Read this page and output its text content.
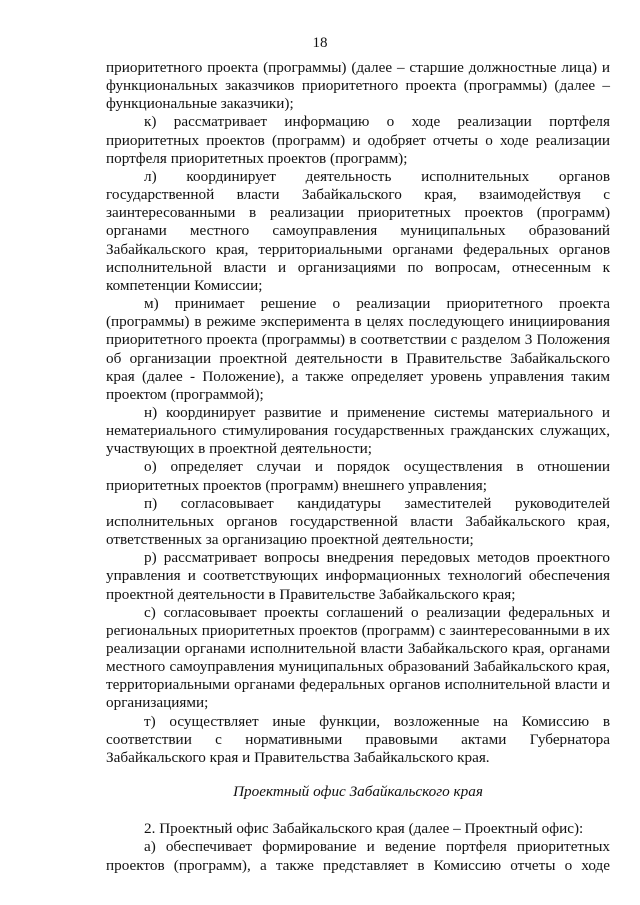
18

приоритетного проекта (программы) (далее – старшие должностные лица) и функциональных заказчиков приоритетного проекта (программы) (далее – функциональные заказчики);

к) рассматривает информацию о ходе реализации портфеля приоритетных проектов (программ) и одобряет отчеты о ходе реализации портфеля приоритетных проектов (программ);

л) координирует деятельность исполнительных органов государственной власти Забайкальского края, взаимодействуя с заинтересованными в реализации приоритетных проектов (программ) органами местного самоуправления муниципальных образований Забайкальского края, территориальными органами федеральных органов исполнительной власти и организациями по вопросам, отнесенным к компетенции Комиссии;

м) принимает решение о реализации приоритетного проекта (программы) в режиме эксперимента в целях последующего инициирования приоритетного проекта (программы) в соответствии с разделом 3 Положения об организации проектной деятельности в Правительстве Забайкальского края (далее - Положение), а также определяет уровень управления таким проектом (программой);

н) координирует развитие и применение системы материального и нематериального стимулирования государственных гражданских служащих, участвующих в проектной деятельности;

о) определяет случаи и порядок осуществления в отношении приоритетных проектов (программ) внешнего управления;

п) согласовывает кандидатуры заместителей руководителей исполнительных органов государственной власти Забайкальского края, ответственных за организацию проектной деятельности;

р) рассматривает вопросы внедрения передовых методов проектного управления и соответствующих информационных технологий обеспечения проектной деятельности в Правительстве Забайкальского края;

с) согласовывает проекты соглашений о реализации федеральных и региональных приоритетных проектов (программ) с заинтересованными в их реализации органами исполнительной власти Забайкальского края, органами местного самоуправления муниципальных образований Забайкальского края, территориальными органами федеральных органов исполнительной власти и организациями;

т) осуществляет иные функции, возложенные на Комиссию в соответствии с нормативными правовыми актами Губернатора Забайкальского края и Правительства Забайкальского края.

Проектный офис Забайкальского края

2. Проектный офис Забайкальского края (далее – Проектный офис):

а) обеспечивает формирование и ведение портфеля приоритетных проектов (программ), а также представляет в Комиссию отчеты о ходе
